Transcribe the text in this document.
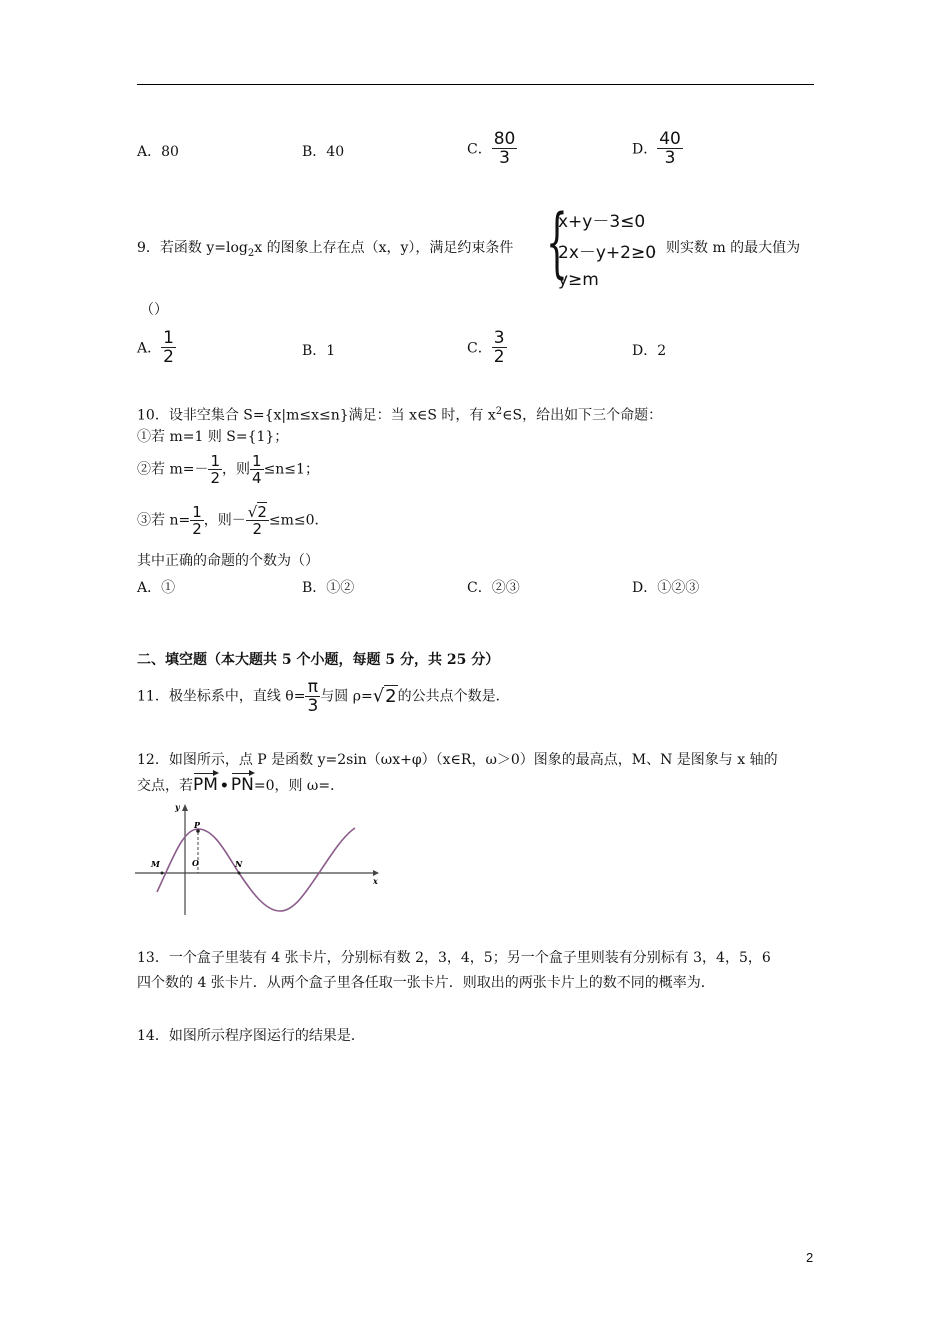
A．80	B．40	C． $\frac{80}{3}$	D． $\frac{40}{3}$
9．若函数 $y=\log_2x$ 的图象上存在点（x，y），满足约束条件 {
x+y－3≤0
2x－y+2≥0
y≥m
，则实数 m 的最大值为
（）
A． $\frac{1}{2}$	B．1	C． $\frac{3}{2}$	D．2
10．设非空集合 S={x|m≤x≤n}满足：当 x∈S 时，有 $x^2\in S$，给出如下三个命题：
①若 m=1 则 S={1}；
②若 $m=- \frac{1}{2}$ ，则 $\frac{1}{4} \le n\le 1$；
③若 $n= \frac{1}{2}$ ，则－ $\frac{√2}{2} \le m\le 0$．
其中正确的命题的个数为（）
A．①	B．①②	C．②③	D．①②③
二、填空题（本大题共 5 个小题，每题 5 分，共 25 分）
11．极坐标系中，直线 $\theta= \frac{\pi}{3}$ 与圆 ρ=√2的公共点个数是．
12．如图所示，点 P 是函数 y=2sin（ωx+φ）（x∈R，ω＞0）图象的最高点，M、N 是图象与 x 轴的
交点，若PM • PN=0，则 ω=．
y
x
P
M	O	N
13．一个盒子里装有 4 张卡片，分别标有数 2，3，4，5；另一个盒子里则装有分别标有 3，4，5，6
四个数的 4 张卡片．从两个盒子里各任取一张卡片．则取出的两张卡片上的数不同的概率为．
14．如图所示程序图运行的结果是．
2
